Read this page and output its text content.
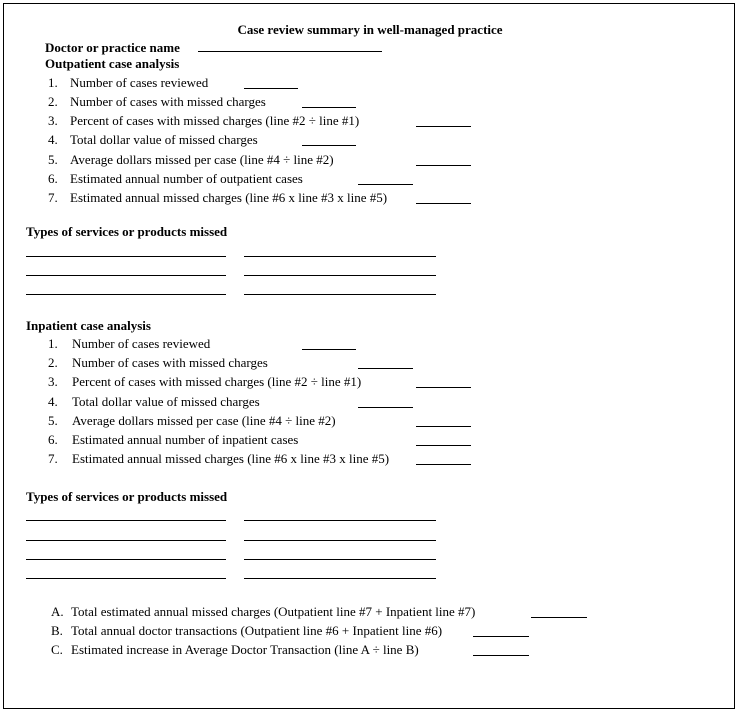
Case review summary in well-managed practice
Doctor or practice name
Outpatient case analysis
1. Number of cases reviewed
2. Number of cases with missed charges
3. Percent of cases with missed charges (line #2 ÷ line #1)
4. Total dollar value of missed charges
5. Average dollars missed per case (line #4 ÷ line #2)
6. Estimated annual number of outpatient cases
7. Estimated annual missed charges (line #6 x line #3 x line #5)
Types of services or products missed
Inpatient case analysis
1. Number of cases reviewed
2. Number of cases with missed charges
3. Percent of cases with missed charges (line #2 ÷ line #1)
4. Total dollar value of missed charges
5. Average dollars missed per case (line #4 ÷ line #2)
6. Estimated annual number of inpatient cases
7. Estimated annual missed charges (line #6 x line #3 x line #5)
Types of services or products missed
A. Total estimated annual missed charges (Outpatient line #7 + Inpatient line #7)
B. Total annual doctor transactions (Outpatient line #6 + Inpatient line #6)
C. Estimated increase in Average Doctor Transaction (line A ÷ line B)
